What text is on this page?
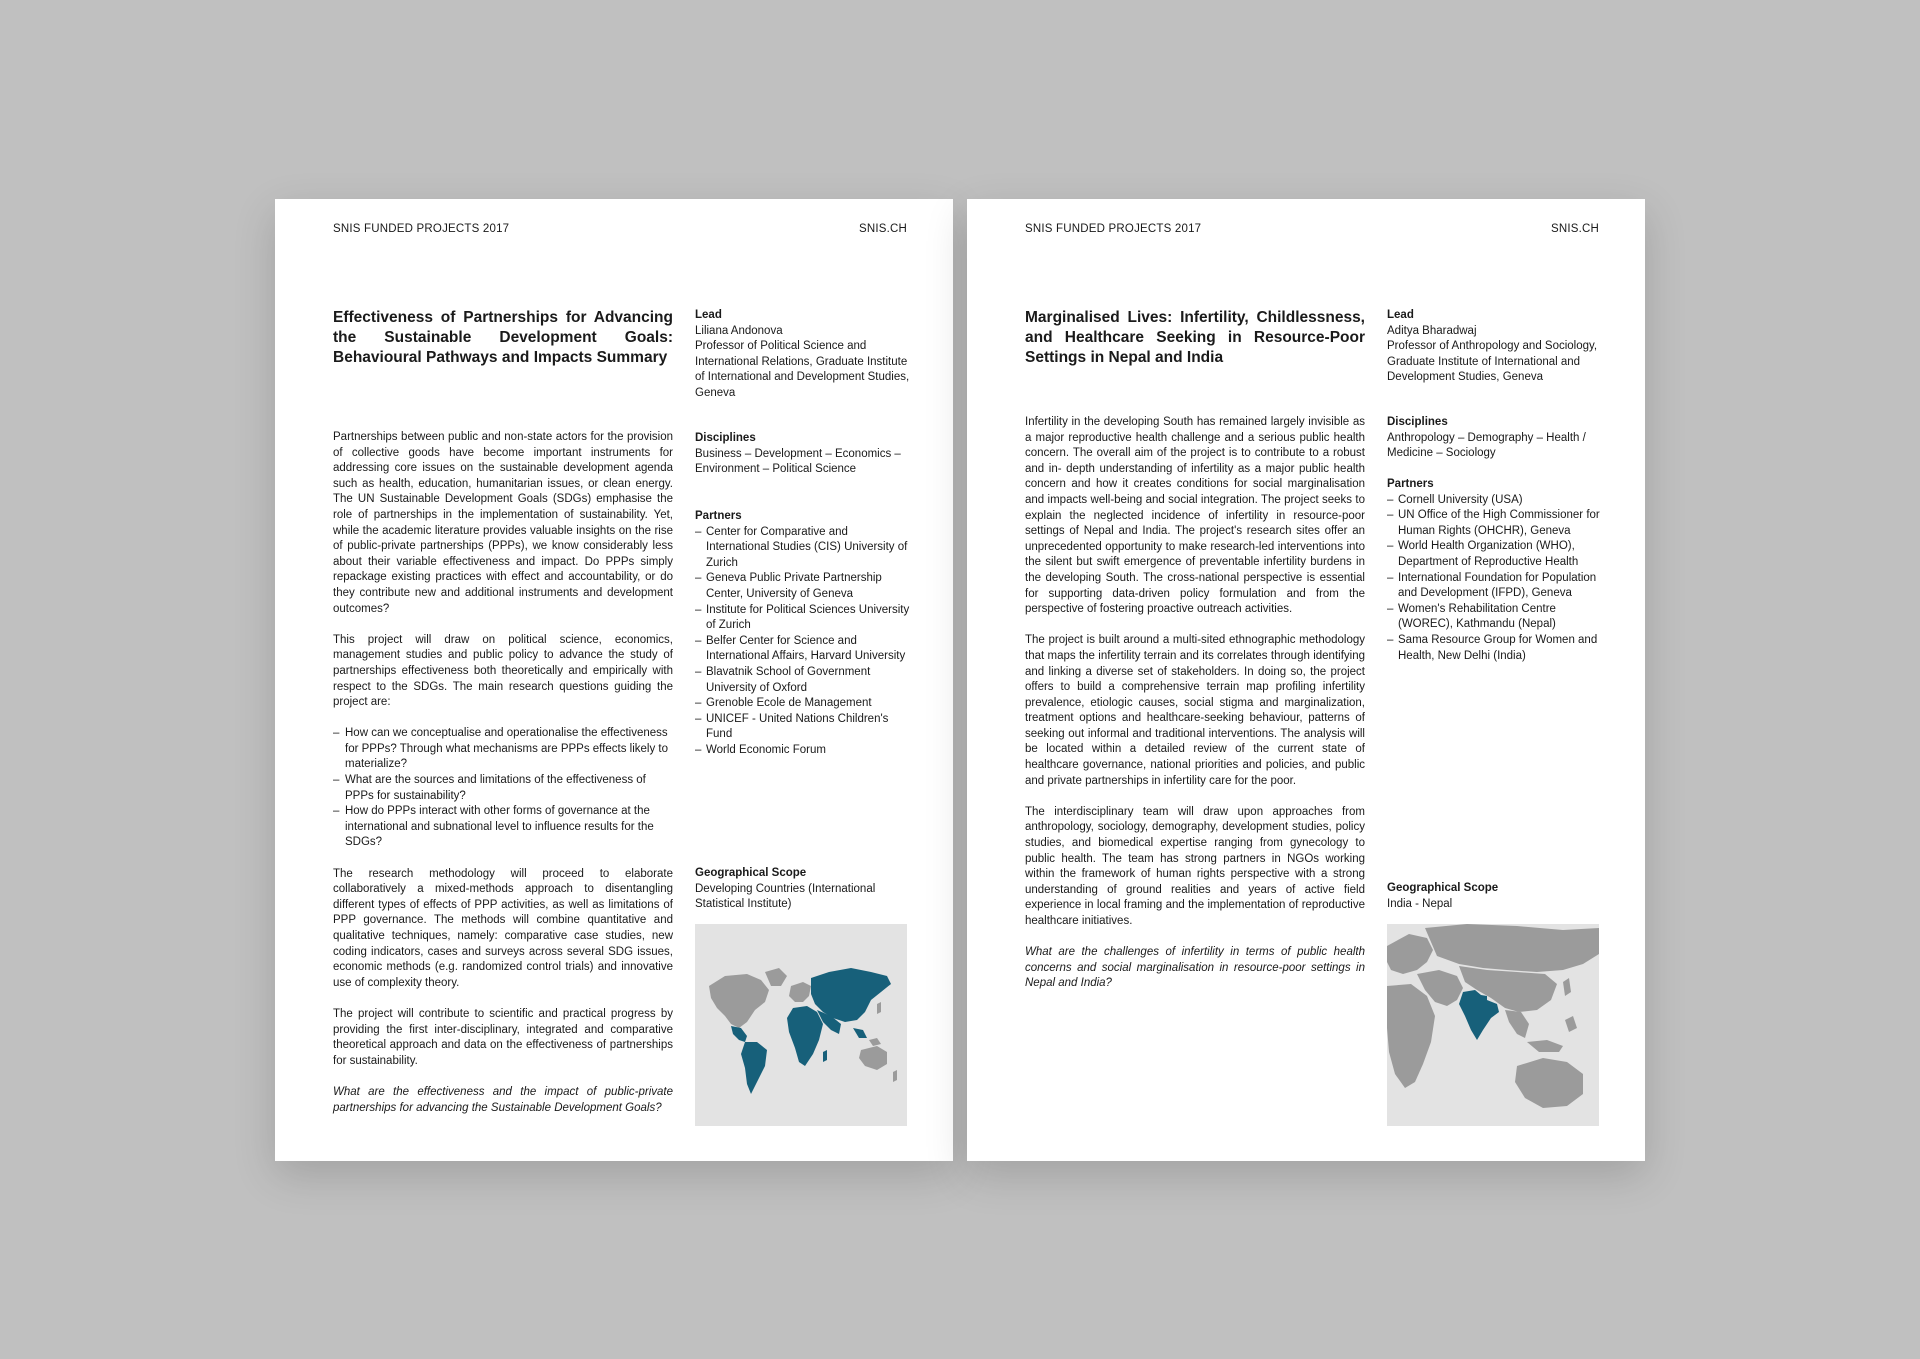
SNIS FUNDED PROJECTS 2017	SNIS.CH
Effectiveness of Partnerships for Advancing the Sustainable Development Goals: Behavioural Pathways and Impacts Summary

Partnerships between public and non-state actors for the provision of collective goods have become important instruments for addressing core issues on the sustainable development agenda such as health, education, humanitarian issues, or clean energy. The UN Sustainable Development Goals (SDGs) emphasise the role of partnerships in the implementation of sustainability. Yet, while the academic literature provides valuable insights on the rise of public-private partnerships (PPPs), we know considerably less about their variable effectiveness and impact. Do PPPs simply repackage existing practices with effect and accountability, or do they contribute new and additional instruments and development outcomes?

This project will draw on political science, economics, management studies and public policy to advance the study of partnerships effectiveness both theoretically and empirically with respect to the SDGs. The main research questions guiding the project are:

– How can we conceptualise and operationalise the effectiveness for PPPs? Through what mechanisms are PPPs effects likely to materialize?
– What are the sources and limitations of the effectiveness of PPPs for sustainability?
– How do PPPs interact with other forms of governance at the international and subnational level to influence results for the SDGs?

The research methodology will proceed to elaborate collaboratively a mixed-methods approach to disentangling different types of effects of PPP activities, as well as limitations of PPP governance. The methods will combine quantitative and qualitative techniques, namely: comparative case studies, new coding indicators, cases and surveys across several SDG issues, economic methods (e.g. randomized control trials) and innovative use of complexity theory.

The project will contribute to scientific and practical progress by providing the first inter-disciplinary, integrated and comparative theoretical approach and data on the effectiveness of partnerships for sustainability.

What are the effectiveness and the impact of public-private partnerships for advancing the Sustainable Development Goals?

Lead
Liliana Andonova
Professor of Political Science and International Relations, Graduate Institute of International and Development Studies, Geneva
Disciplines
Business – Development – Economics – Environment – Political Science
Partners
– Center for Comparative and International Studies (CIS) University of Zurich
– Geneva Public Private Partnership Center, University of Geneva
– Institute for Political Sciences University of Zurich
– Belfer Center for Science and International Affairs, Harvard University
– Blavatnik School of Government University of Oxford
– Grenoble Ecole de Management
– UNICEF - United Nations Children's Fund
– World Economic Forum
Geographical Scope
Developing Countries (International Statistical Institute)
SNIS FUNDED PROJECTS 2017	SNIS.CH
Marginalised Lives: Infertility, Childlessness, and Healthcare Seeking in Resource-Poor Settings in Nepal and India

Infertility in the developing South has remained largely invisible as a major reproductive health challenge and a serious public health concern. The overall aim of the project is to contribute to a robust and in- depth understanding of infertility as a major public health concern and how it creates conditions for social marginalisation and impacts well-being and social integration. The project seeks to explain the neglected incidence of infertility in resource-poor settings of Nepal and India. The project's research sites offer an unprecedented opportunity to make research-led interventions into the silent but swift emergence of preventable infertility burdens in the developing South. The cross-national perspective is essential for supporting data-driven policy formulation and from the perspective of fostering proactive outreach activities.

The project is built around a multi-sited ethnographic methodology that maps the infertility terrain and its correlates through identifying and linking a diverse set of stakeholders. In doing so, the project offers to build a comprehensive terrain map profiling infertility prevalence, etiologic causes, social stigma and marginalization, treatment options and healthcare-seeking behaviour, patterns of seeking out informal and traditional interventions. The analysis will be located within a detailed review of the current state of healthcare governance, national priorities and policies, and public and private partnerships in infertility care for the poor.

The interdisciplinary team will draw upon approaches from anthropology, sociology, demography, development studies, policy studies, and biomedical expertise ranging from gynecology to public health. The team has strong partners in NGOs working within the framework of human rights perspective with a strong understanding of ground realities and years of active field experience in local framing and the implementation of reproductive healthcare initiatives.

What are the challenges of infertility in terms of public health concerns and social marginalisation in resource-poor settings in Nepal and India?

Lead
Aditya Bharadwaj
Professor of Anthropology and Sociology, Graduate Institute of International and Development Studies, Geneva
Disciplines
Anthropology – Demography – Health / Medicine – Sociology
Partners
– Cornell University (USA)
– UN Office of the High Commissioner for Human Rights (OHCHR), Geneva
– World Health Organization (WHO), Department of Reproductive Health
– International Foundation for Population and Development (IFPD), Geneva
– Women's Rehabilitation Centre (WOREC), Kathmandu (Nepal)
– Sama Resource Group for Women and Health, New Delhi (India)
Geographical Scope
India - Nepal
